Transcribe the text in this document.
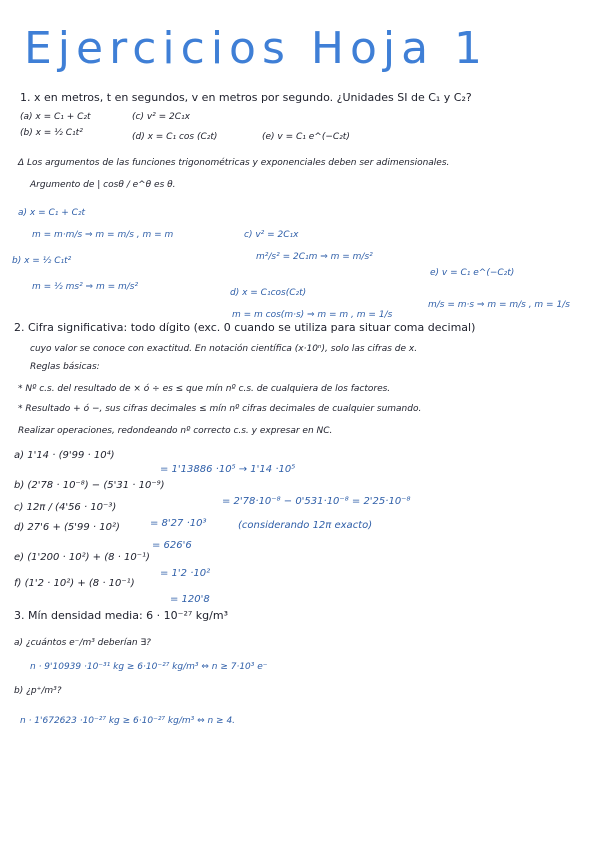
Ejercicios Hoja 1
1. x en metros, t en segundos, v en metros por segundo. ¿Unidades SI de C₁ y C₂?
(a) x = C₁ + C₂t	(c) v² = 2C₁x
(b) x = ½ C₁t²	(d) x = C₁ cos (C₂t)	(e) v = C₁ e^(−C₂t)
Δ Los argumentos de las funciones trigonométricas y exponenciales deben ser adimensionales.
Argumento de | cosθ / e^θ es θ.
a) x = C₁ + C₂t
m = m·m/s ⇒ m = m/s , m = m	c) v² = 2C₁x
m²/s² = 2C₁m ⇒ m = m/s²
b) x = ½ C₁t²
m = ½ ms² ⇒ m = m/s²
e) v = C₁ e^(−C₂t)
m/s = m·s ⇒ m = m/s , m = 1/s
d) x = C₁cos(C₂t)
m = m cos(m·s) ⇒ m = m , m = 1/s
2. Cifra significativa: todo dígito (exc. 0 cuando se utiliza para situar coma decimal)
cuyo valor se conoce con exactitud. En notación científica (x·10ⁿ), solo las cifras de x.
Reglas básicas:
* Nº c.s. del resultado de × ó ÷ es ≤ que mín nº c.s. de cualquiera de los factores.
* Resultado + ó −, sus cifras decimales ≤ mín nº cifras decimales de cualquier sumando.
Realizar operaciones, redondeando nº correcto c.s. y expresar en NC.
a) 1'14 · (9'99 · 10⁴)
= 1'13886 ·10⁵ → 1'14 ·10⁵
b) (2'78 · 10⁻⁸) − (5'31 · 10⁻⁹)
= 2'78·10⁻⁸ − 0'531·10⁻⁸ = 2'25·10⁻⁸
c) 12π / (4'56 · 10⁻³)
= 8'27 ·10³	(considerando 12π exacto)
d) 27'6 + (5'99 · 10²)
= 626'6
e) (1'200 · 10²) + (8 · 10⁻¹)
= 1'2 ·10²
f) (1'2 · 10²) + (8 · 10⁻¹)
= 120'8
3. Mín densidad media: 6 · 10⁻²⁷ kg/m³
a) ¿cuántos e⁻/m³ deberían ∃?
n · 9'10939 ·10⁻³¹ kg ≥ 6·10⁻²⁷ kg/m³ ⇔ n ≥ 7·10³ e⁻
b) ¿p⁺/m³?
n · 1'672623 ·10⁻²⁷ kg ≥ 6·10⁻²⁷ kg/m³ ⇔ n ≥ 4.
